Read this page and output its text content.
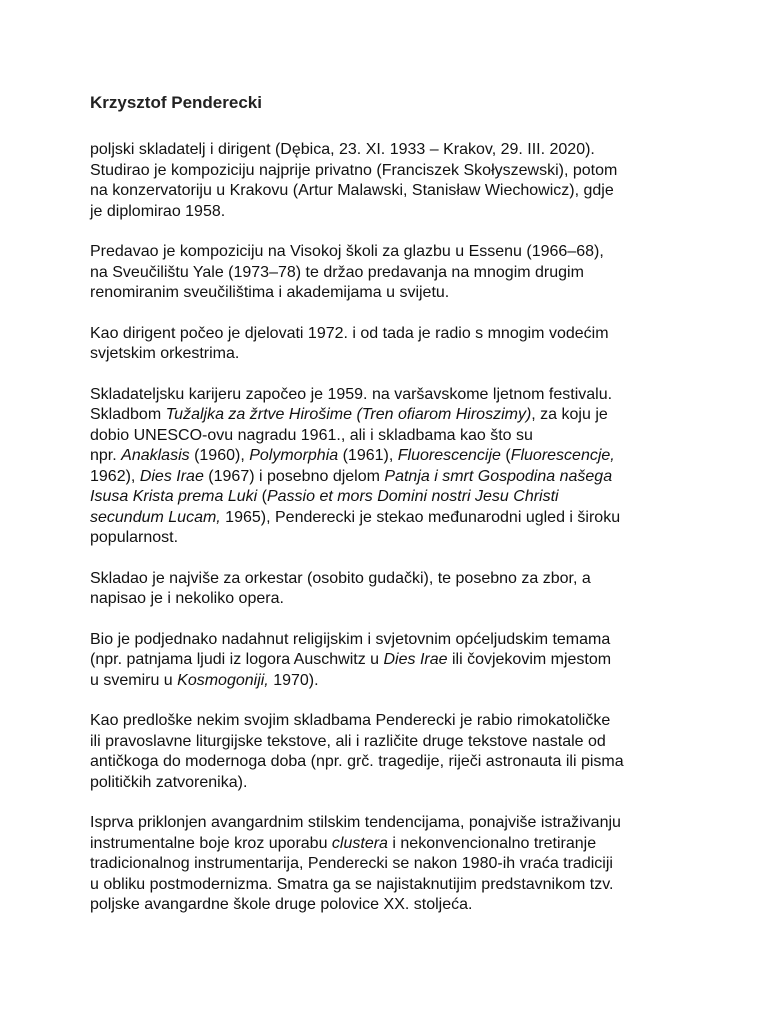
Krzysztof Penderecki
poljski skladatelj i dirigent (Dębica, 23. XI. 1933 – Krakov, 29. III. 2020).
Studirao je kompoziciju najprije privatno (Franciszek Skołyszewski), potom
na konzervatoriju u Krakovu (Artur Malawski, Stanisław Wiechowicz), gdje
je diplomirao 1958.
Predavao je kompoziciju na Visokoj školi za glazbu u Essenu (1966–68),
na Sveučilištu Yale (1973–78) te držao predavanja na mnogim drugim
renomiranim sveučilištima i akademijama u svijetu.
Kao dirigent počeo je djelovati 1972. i od tada je radio s mnogim vodećim
svjetskim orkestrima.
Skladateljsku karijeru započeo je 1959. na varšavskome ljetnom festivalu.
Skladbom Tužaljka za žrtve Hirošime (Tren ofiarom Hiroszimy), za koju je
dobio UNESCO-ovu nagradu 1961., ali i skladbama kao što su
npr. Anaklasis (1960), Polymorphia (1961), Fluorescencije (Fluorescencje,
1962), Dies Irae (1967) i posebno djelom Patnja i smrt Gospodina našega
Isusa Krista prema Luki (Passio et mors Domini nostri Jesu Christi
secundum Lucam, 1965), Penderecki je stekao međunarodni ugled i široku
popularnost.
Skladao je najviše za orkestar (osobito gudački), te posebno za zbor, a
napisao je i nekoliko opera.
Bio je podjednako nadahnut religijskim i svjetovnim općeljudskim temama
(npr. patnjama ljudi iz logora Auschwitz u Dies Irae ili čovjekovim mjestom
u svemiru u Kosmogoniji, 1970).
Kao predloške nekim svojim skladbama Penderecki je rabio rimokatoličke
ili pravoslavne liturgijske tekstove, ali i različite druge tekstove nastale od
antičkoga do modernoga doba (npr. grč. tragedije, riječi astronauta ili pisma
političkih zatvorenika).
Isprva priklonjen avangardnim stilskim tendencijama, ponajviše istraživanju
instrumentalne boje kroz uporabu clustera i nekonvencionalno tretiranje
tradicionalnog instrumentarija, Penderecki se nakon 1980-ih vraća tradiciji
u obliku postmodernizma. Smatra ga se najistaknutijim predstavnikom tzv.
poljske avangardne škole druge polovice XX. stoljeća.
